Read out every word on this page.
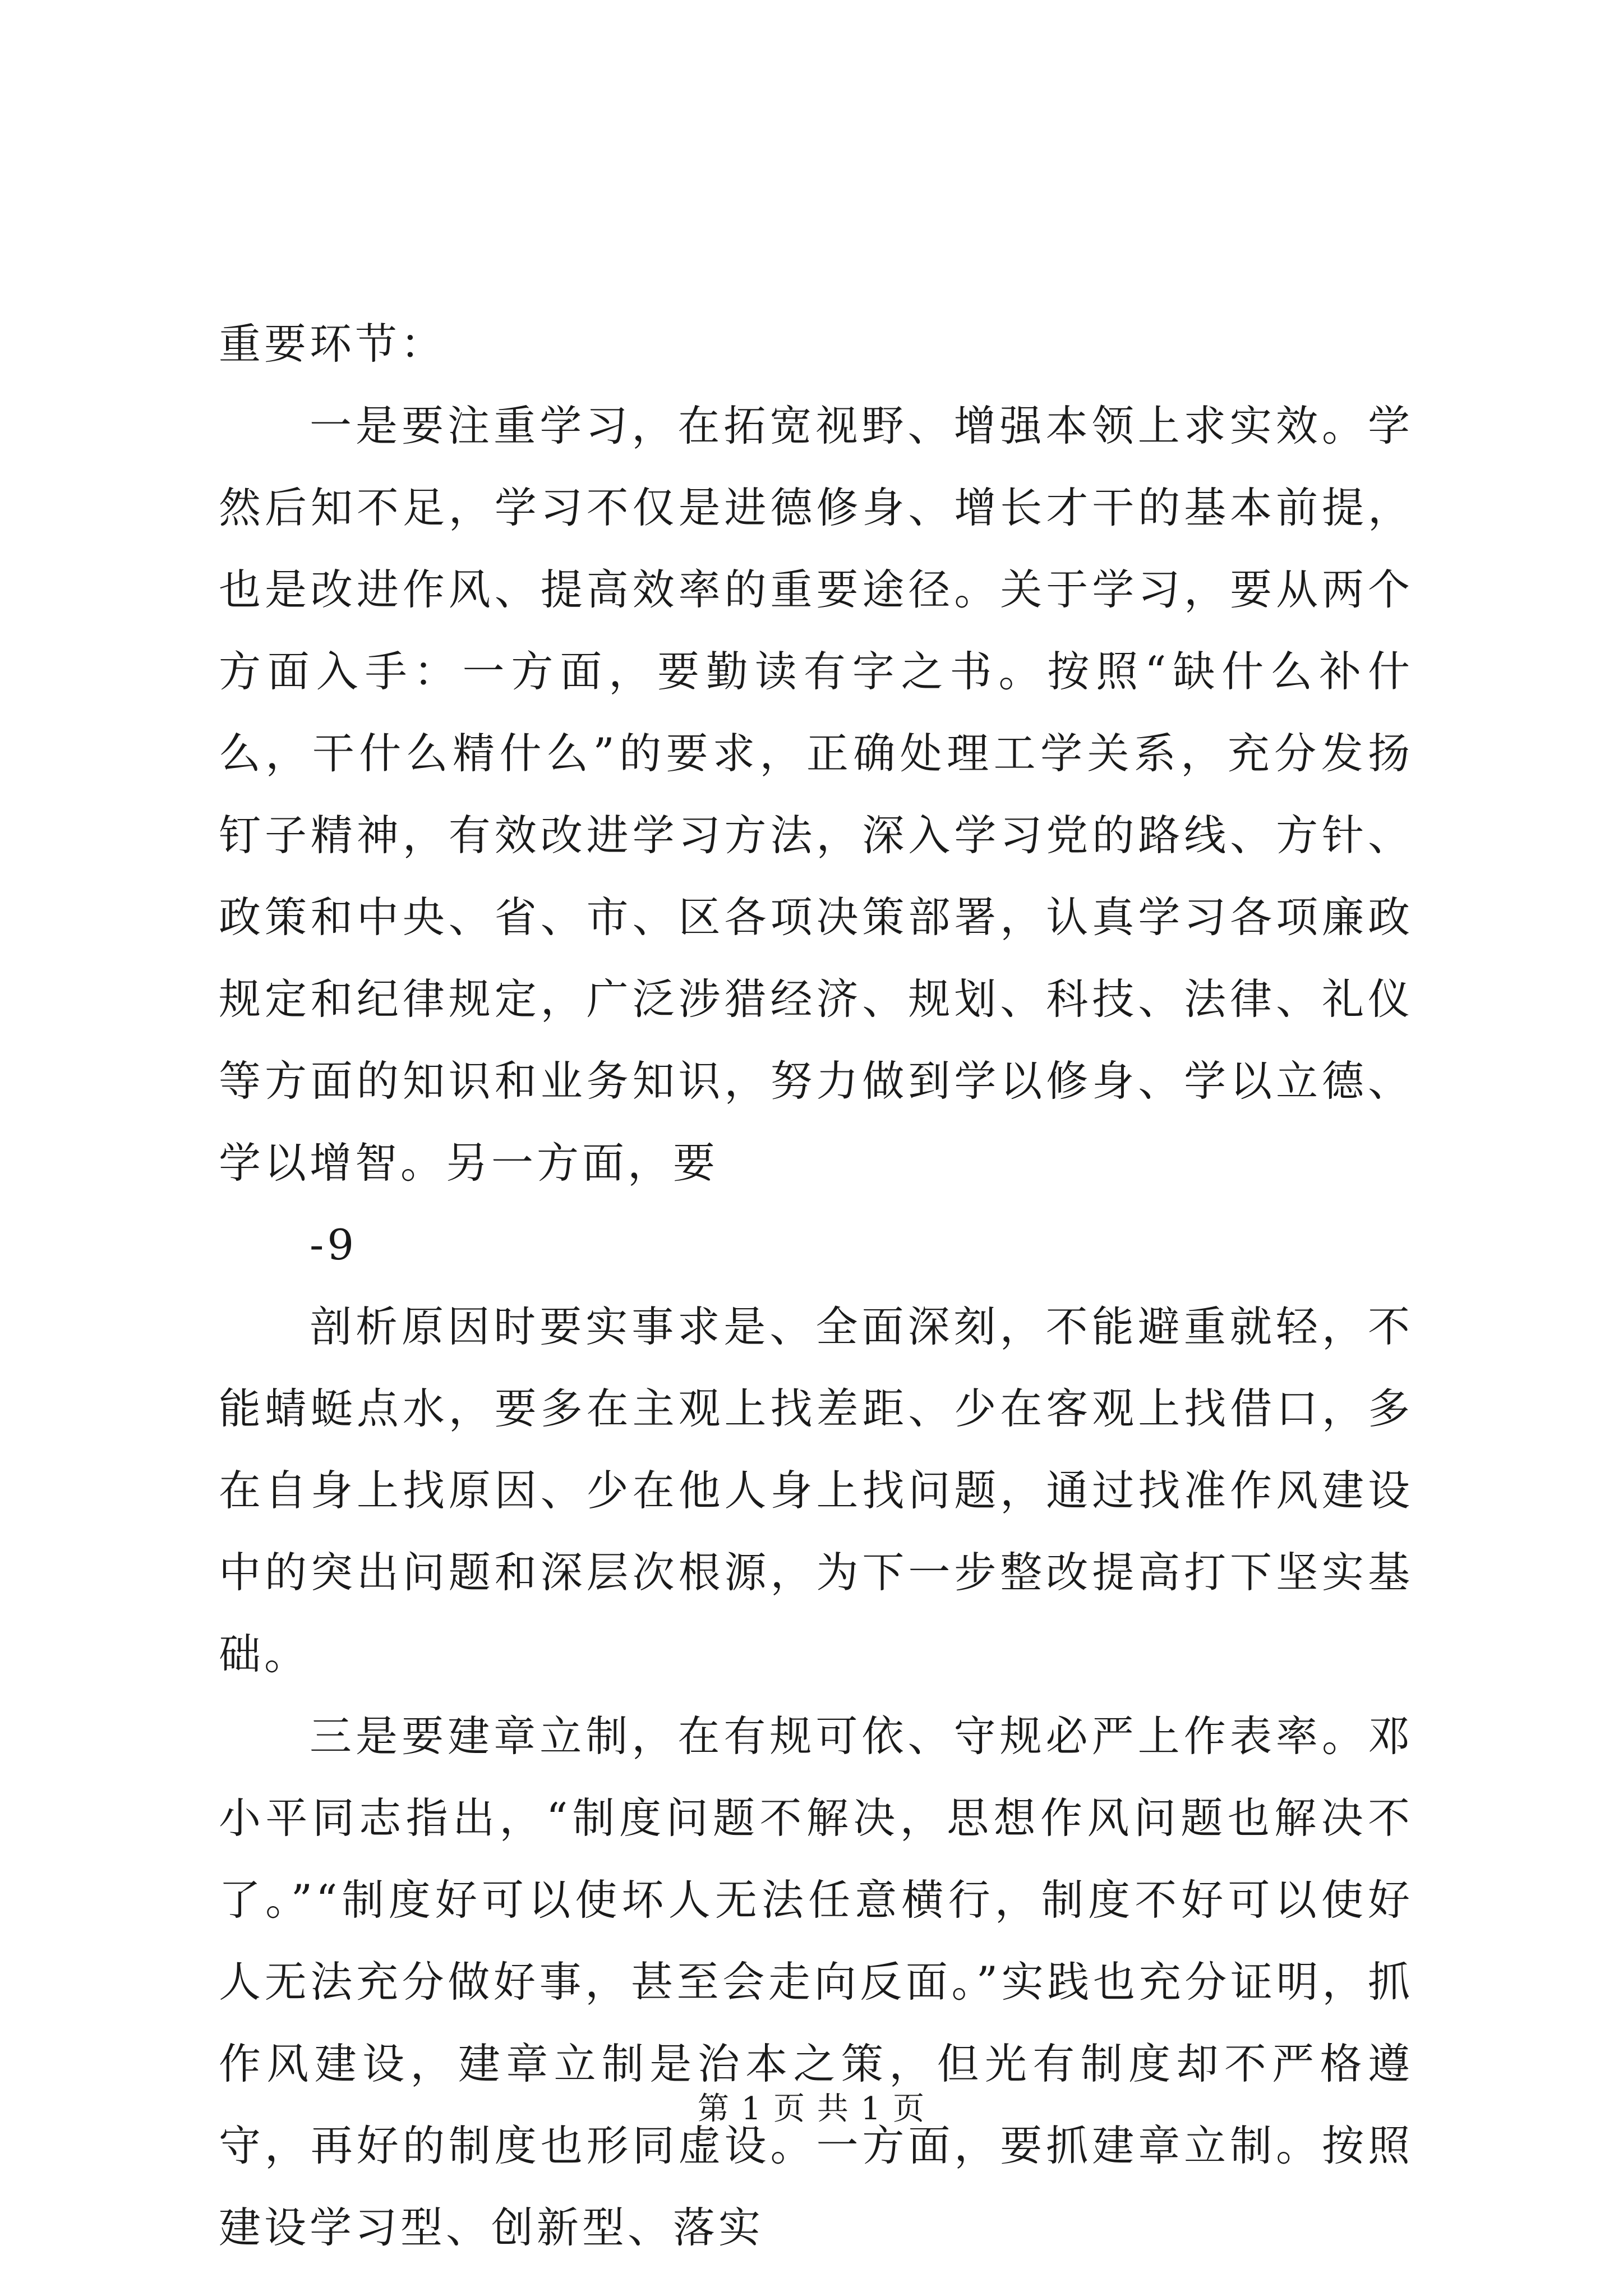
重要环节：

一是要注重学习，在拓宽视野、增强本领上求实效。学然后知不足，学习不仅是进德修身、增长才干的基本前提，也是改进作风、提高效率的重要途径。关于学习，要从两个方面入手：一方面，要勤读有字之书。按照“缺什么补什么，干什么精什么”的要求，正确处理工学关系，充分发扬钉子精神，有效改进学习方法，深入学习党的路线、方针、政策和中央、省、市、区各项决策部署，认真学习各项廉政规定和纪律规定，广泛涉猎经济、规划、科技、法律、礼仪等方面的知识和业务知识，努力做到学以修身、学以立德、学以增智。另一方面，要

-9

剖析原因时要实事求是、全面深刻，不能避重就轻，不能蜻蜓点水，要多在主观上找差距、少在客观上找借口，多在自身上找原因、少在他人身上找问题，通过找准作风建设中的突出问题和深层次根源，为下一步整改提高打下坚实基础。

三是要建章立制，在有规可依、守规必严上作表率。邓小平同志指出，“制度问题不解决，思想作风问题也解决不了。”“制度好可以使坏人无法任意横行，制度不好可以使好人无法充分做好事，甚至会走向反面。”实践也充分证明，抓作风建设，建章立制是治本之策，但光有制度却不严格遵守，再好的制度也形同虚设。一方面，要抓建章立制。按照建设学习型、创新型、落实

第 1 页 共 1 页
